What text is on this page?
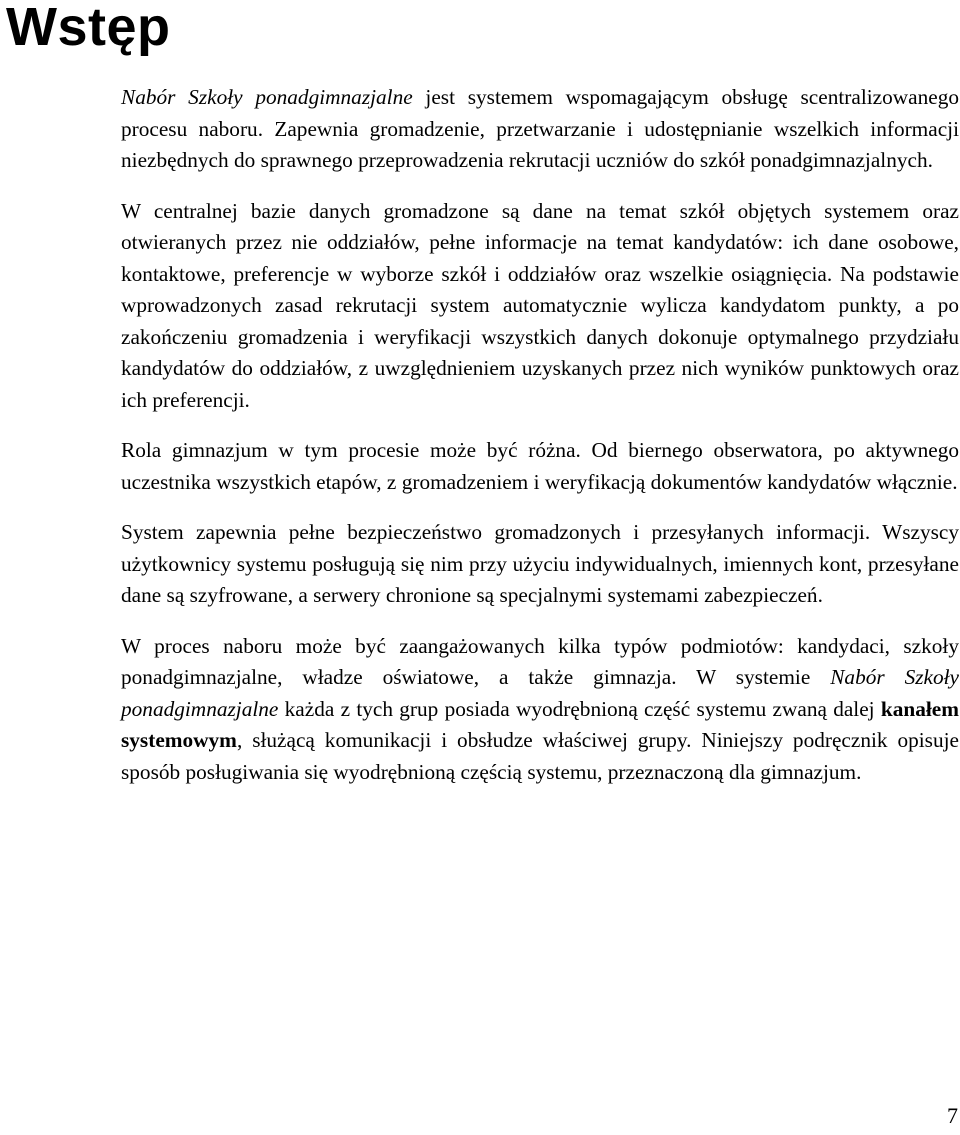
Wstęp

Nabór Szkoły ponadgimnazjalne jest systemem wspomagającym obsługę scentralizowanego procesu naboru. Zapewnia gromadzenie, przetwarzanie i udostępnianie wszelkich informacji niezbędnych do sprawnego przeprowadzenia rekrutacji uczniów do szkół ponadgimnazjalnych.

W centralnej bazie danych gromadzone są dane na temat szkół objętych systemem oraz otwieranych przez nie oddziałów, pełne informacje na temat kandydatów: ich dane osobowe, kontaktowe, preferencje w wyborze szkół i oddziałów oraz wszelkie osiągnięcia. Na podstawie wprowadzonych zasad rekrutacji system automatycznie wylicza kandydatom punkty, a po zakończeniu gromadzenia i weryfikacji wszystkich danych dokonuje optymalnego przydziału kandydatów do oddziałów, z uwzględnieniem uzyskanych przez nich wyników punktowych oraz ich preferencji.

Rola gimnazjum w tym procesie może być różna. Od biernego obserwatora, po aktywnego uczestnika wszystkich etapów, z gromadzeniem i weryfikacją dokumentów kandydatów włącznie.

System zapewnia pełne bezpieczeństwo gromadzonych i przesyłanych informacji. Wszyscy użytkownicy systemu posługują się nim przy użyciu indywidualnych, imiennych kont, przesyłane dane są szyfrowane, a serwery chronione są specjalnymi systemami zabezpieczeń.

W proces naboru może być zaangażowanych kilka typów podmiotów: kandydaci, szkoły ponadgimnazjalne, władze oświatowe, a także gimnazja. W systemie Nabór Szkoły ponadgimnazjalne każda z tych grup posiada wyodrębnioną część systemu zwaną dalej kanałem systemowym, służącą komunikacji i obsłudze właściwej grupy. Niniejszy podręcznik opisuje sposób posługiwania się wyodrębnioną częścią systemu, przeznaczoną dla gimnazjum.

7
